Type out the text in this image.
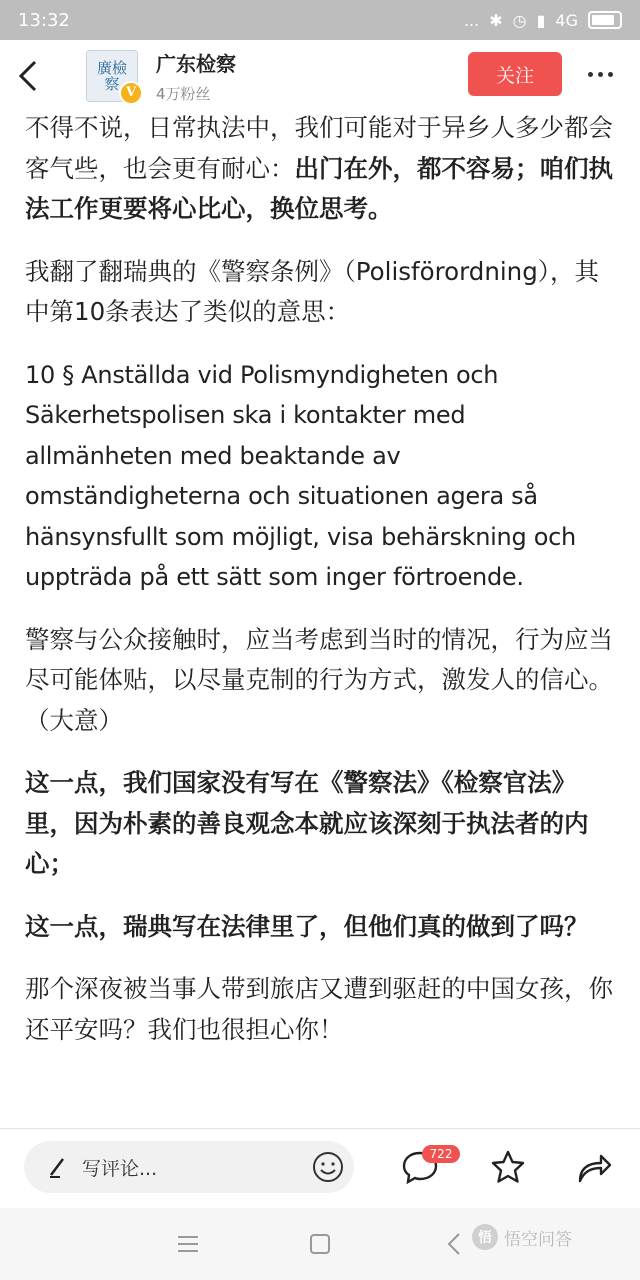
13:32	... ✱ ◷ ▮ 4G
廣檢察 V
广东检察
4万粉丝
关注

不得不说，日常执法中，我们可能对于异乡人多少都会客气些，也会更有耐心：出门在外，都不容易；咱们执法工作更要将心比心，换位思考。

我翻了翻瑞典的《警察条例》（Polisförordning），其中第10条表达了类似的意思：

10 § Anställda vid Polismyndigheten och Säkerhetspolisen ska i kontakter med allmänheten med beaktande av omständigheterna och situationen agera så hänsynsfullt som möjligt, visa behärskning och uppträda på ett sätt som inger förtroende.

警察与公众接触时，应当考虑到当时的情况，行为应当尽可能体贴，以尽量克制的行为方式，激发人的信心。（大意）

这一点，我们国家没有写在《警察法》《检察官法》里，因为朴素的善良观念本就应该深刻于执法者的内心；

这一点，瑞典写在法律里了，但他们真的做到了吗？

那个深夜被当事人带到旅店又遭到驱赶的中国女孩，你还平安吗？我们也很担心你！

写评论...
722
悟 悟空问答
